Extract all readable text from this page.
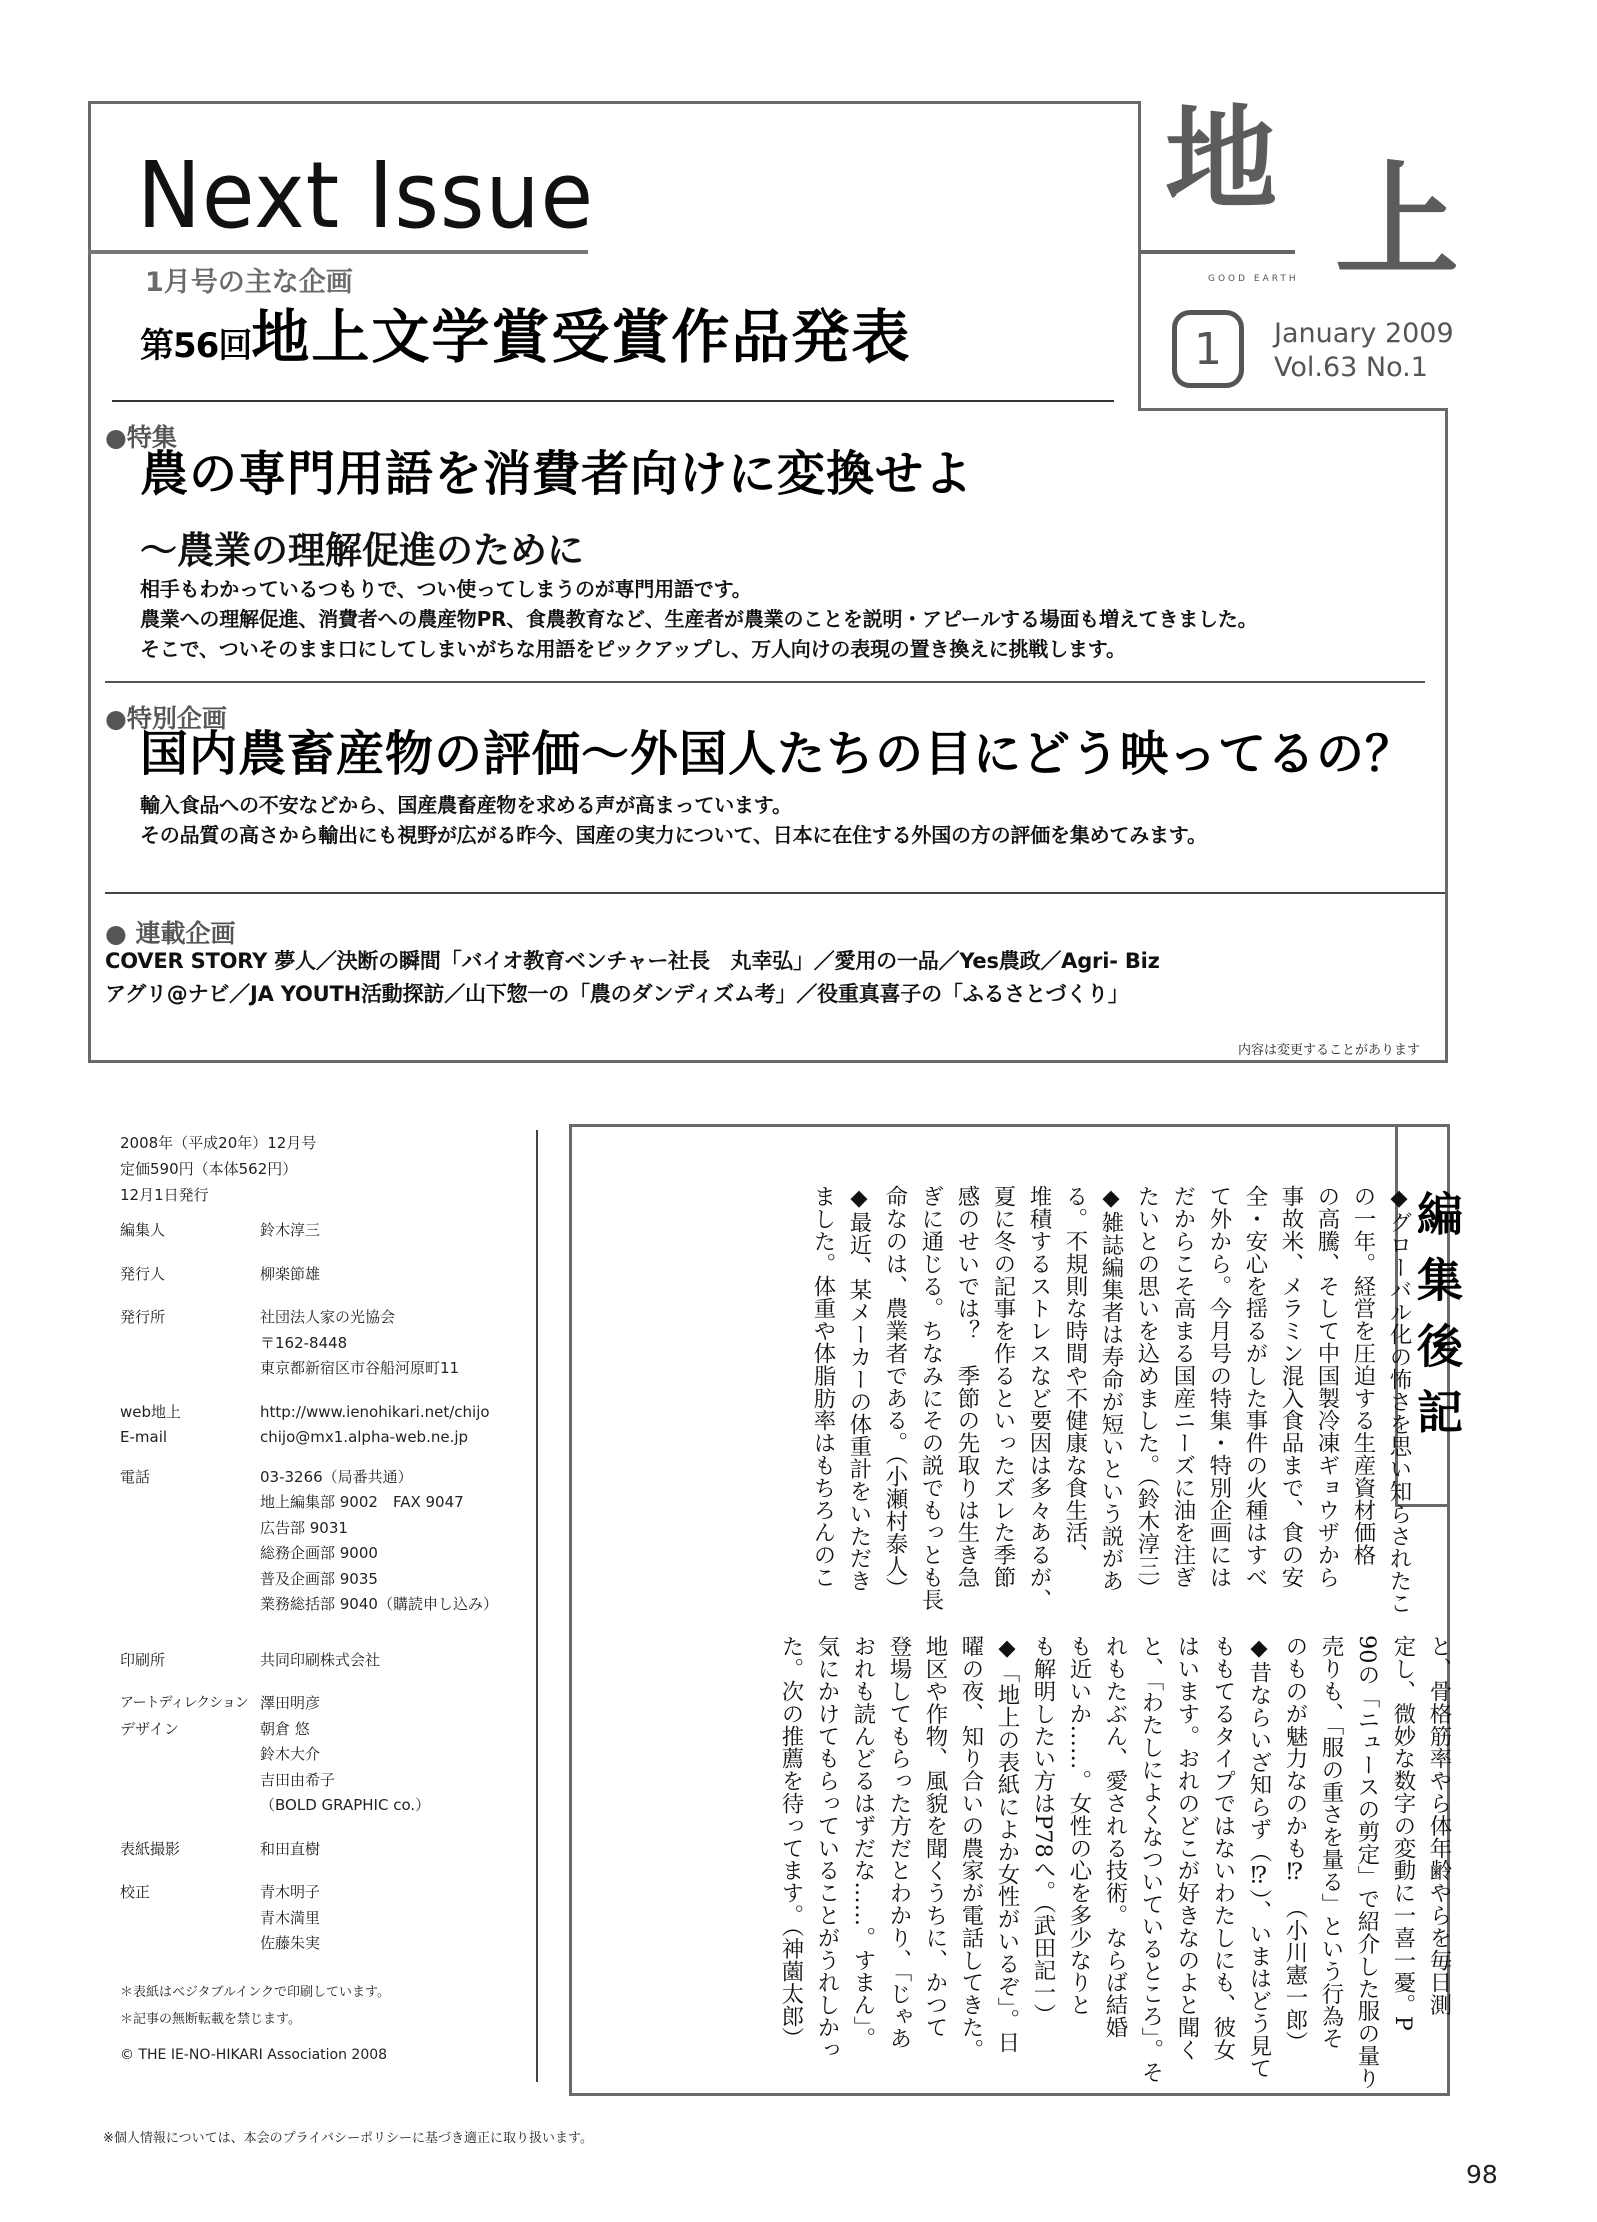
Next Issue
1月号の主な企画
第56回地上文学賞受賞作品発表
●特集
農の専門用語を消費者向けに変換せよ
～農業の理解促進のために
相手もわかっているつもりで、つい使ってしまうのが専門用語です。
農業への理解促進、消費者への農産物PR、食農教育など、生産者が農業のことを説明・アピールする場面も増えてきました。
そこで、ついそのまま口にしてしまいがちな用語をピックアップし、万人向けの表現の置き換えに挑戦します。
●特別企画
国内農畜産物の評価～外国人たちの目にどう映ってるの？
輸入食品への不安などから、国産農畜産物を求める声が高まっています。
その品質の高さから輸出にも視野が広がる昨今、国産の実力について、日本に在住する外国の方の評価を集めてみます。
● 連載企画
COVER STORY 夢人／決断の瞬間「バイオ教育ベンチャー社長　丸幸弘」／愛用の一品／Yes農政／Agri- Biz
アグリ@ナビ／JA YOUTH活動探訪／山下惣一の「農のダンディズム考」／役重真喜子の「ふるさとづくり」
内容は変更することがあります
地 上
GOOD EARTH
1	January 2009
Vol.63 No.1
2008年（平成20年）12月号
定価590円（本体562円）
12月1日発行
編集人	鈴木淳三
発行人	柳楽節雄
発行所	社団法人家の光協会
〒162-8448
東京都新宿区市谷船河原町11
web地上	http://www.ienohikari.net/chijo
E-mail	chijo@mx1.alpha-web.ne.jp
電話	03-3266（局番共通）
地上編集部 9002　FAX 9047
広告部 9031
総務企画部 9000
普及企画部 9035
業務総括部 9040（購読申し込み）
印刷所	共同印刷株式会社
アートディレクション 澤田明彦
デザイン	朝倉 悠
鈴木大介
吉田由希子
（BOLD GRAPHIC co.）
表紙撮影	和田直樹
校正	青木明子
青木満里
佐藤朱実
＊表紙はベジタブルインクで印刷しています。
＊記事の無断転載を禁じます。
© THE IE-NO-HIKARI Association 2008
編集後記
◆グローバル化の怖さを思い知らされたこ
の一年。経営を圧迫する生産資材価格
の高騰、そして中国製冷凍ギョウザから
事故米、メラミン混入食品まで、食の安
全・安心を揺るがした事件の火種はすべ
て外から。今月号の特集・特別企画には
だからこそ高まる国産ニーズに油を注ぎ
たいとの思いを込めました。（鈴木淳三）
◆雑誌編集者は寿命が短いという説があ
る。不規則な時間や不健康な食生活、
堆積するストレスなど要因は多々あるが、
夏に冬の記事を作るといったズレた季節
感のせいでは？　季節の先取りは生き急
ぎに通じる。ちなみにその説でもっとも長
命なのは、農業者である。（小瀬村泰人）
◆最近、某メーカーの体重計をいただき
ました。体重や体脂肪率はもちろんのこ
と、骨格筋率やら体年齢やらを毎日測
定し、微妙な数字の変動に一喜一憂。P
90の「ニュースの剪定」で紹介した服の量り
売りも、「服の重さを量る」という行為そ
のものが魅力なのかも⁉　（小川憲一郎）
◆昔ならいざ知らず（⁉）、いまはどう見て
ももてるタイプではないわたしにも、彼女
はいます。おれのどこが好きなのよと聞く
と、「わたしによくなついているところ」。そ
れもたぶん、愛される技術。ならば結婚
も近いか……。女性の心を多少なりと
も解明したい方はP78へ。（武田記一）
◆「地上の表紙によか女性がいるぞ」。日
曜の夜、知り合いの農家が電話してきた。
地区や作物、風貌を聞くうちに、かつて
登場してもらった方だとわかり、「じゃあ
おれも読んどるはずだな……。すまん」。
気にかけてもらっていることがうれしかっ
た。次の推薦を待ってます。（神薗太郎）
※個人情報については、本会のプライバシーポリシーに基づき適正に取り扱います。
98
